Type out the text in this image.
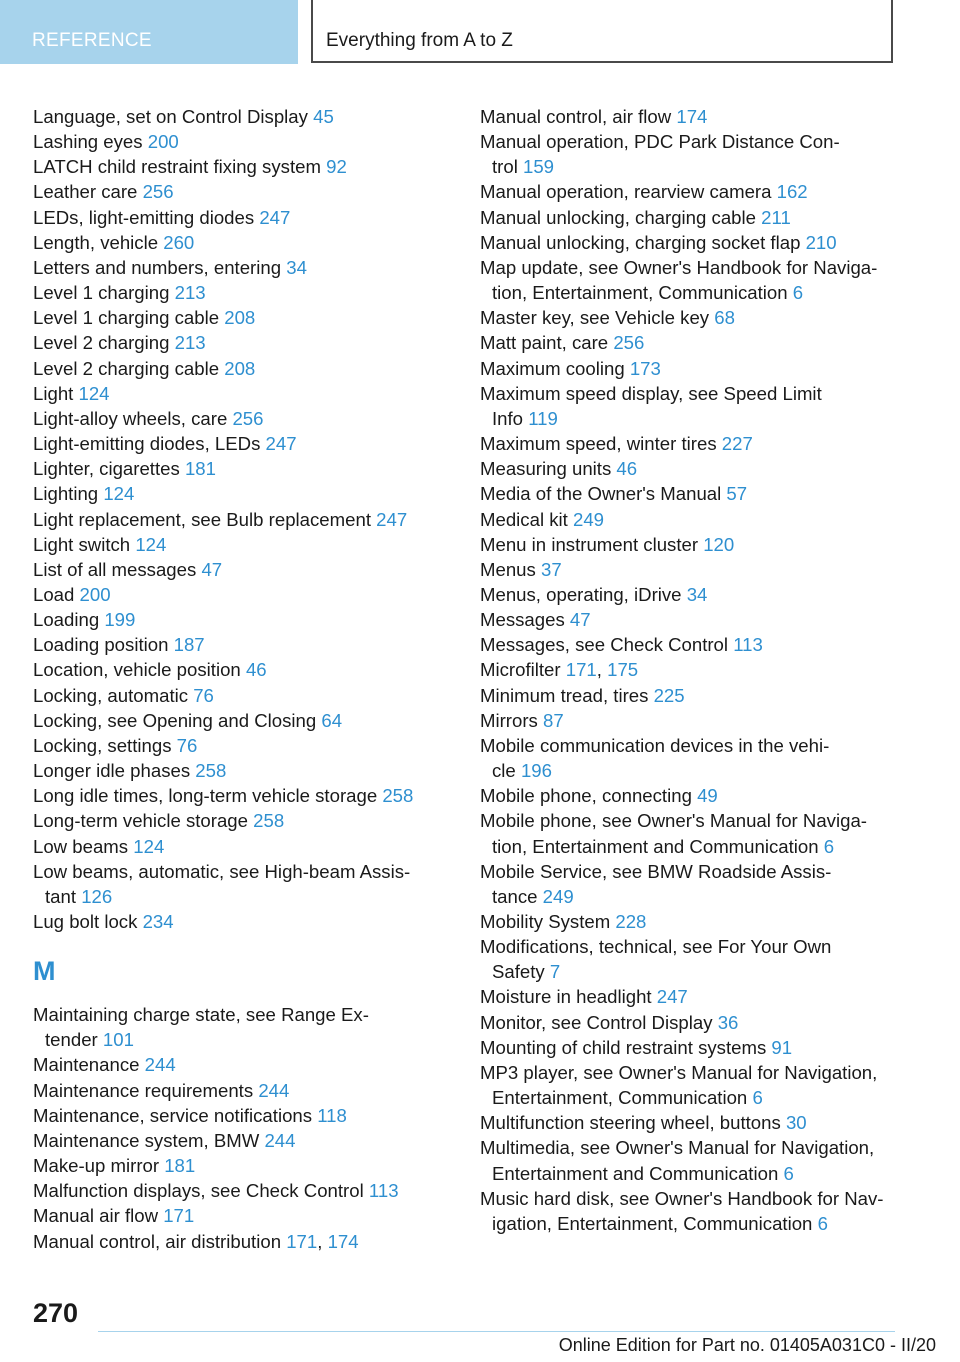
REFERENCE	Everything from A to Z
Language, set on Control Display 45
Lashing eyes 200
LATCH child restraint fixing system 92
Leather care 256
LEDs, light-emitting diodes 247
Length, vehicle 260
Letters and numbers, entering 34
Level 1 charging 213
Level 1 charging cable 208
Level 2 charging 213
Level 2 charging cable 208
Light 124
Light-alloy wheels, care 256
Light-emitting diodes, LEDs 247
Lighter, cigarettes 181
Lighting 124
Light replacement, see Bulb replacement 247
Light switch 124
List of all messages 47
Load 200
Loading 199
Loading position 187
Location, vehicle position 46
Locking, automatic 76
Locking, see Opening and Closing 64
Locking, settings 76
Longer idle phases 258
Long idle times, long-term vehicle storage 258
Long-term vehicle storage 258
Low beams 124
Low beams, automatic, see High-beam Assis-
tant 126
Lug bolt lock 234
M
Maintaining charge state, see Range Ex-
tender 101
Maintenance 244
Maintenance requirements 244
Maintenance, service notifications 118
Maintenance system, BMW 244
Make-up mirror 181
Malfunction displays, see Check Control 113
Manual air flow 171
Manual control, air distribution 171, 174
Manual control, air flow 174
Manual operation, PDC Park Distance Con-
trol 159
Manual operation, rearview camera 162
Manual unlocking, charging cable 211
Manual unlocking, charging socket flap 210
Map update, see Owner's Handbook for Naviga-
tion, Entertainment, Communication 6
Master key, see Vehicle key 68
Matt paint, care 256
Maximum cooling 173
Maximum speed display, see Speed Limit
Info 119
Maximum speed, winter tires 227
Measuring units 46
Media of the Owner's Manual 57
Medical kit 249
Menu in instrument cluster 120
Menus 37
Menus, operating, iDrive 34
Messages 47
Messages, see Check Control 113
Microfilter 171, 175
Minimum tread, tires 225
Mirrors 87
Mobile communication devices in the vehi-
cle 196
Mobile phone, connecting 49
Mobile phone, see Owner's Manual for Naviga-
tion, Entertainment and Communication 6
Mobile Service, see BMW Roadside Assis-
tance 249
Mobility System 228
Modifications, technical, see For Your Own
Safety 7
Moisture in headlight 247
Monitor, see Control Display 36
Mounting of child restraint systems 91
MP3 player, see Owner's Manual for Navigation,
Entertainment, Communication 6
Multifunction steering wheel, buttons 30
Multimedia, see Owner's Manual for Navigation,
Entertainment and Communication 6
Music hard disk, see Owner's Handbook for Nav-
igation, Entertainment, Communication 6
270
Online Edition for Part no. 01405A031C0 - II/20
